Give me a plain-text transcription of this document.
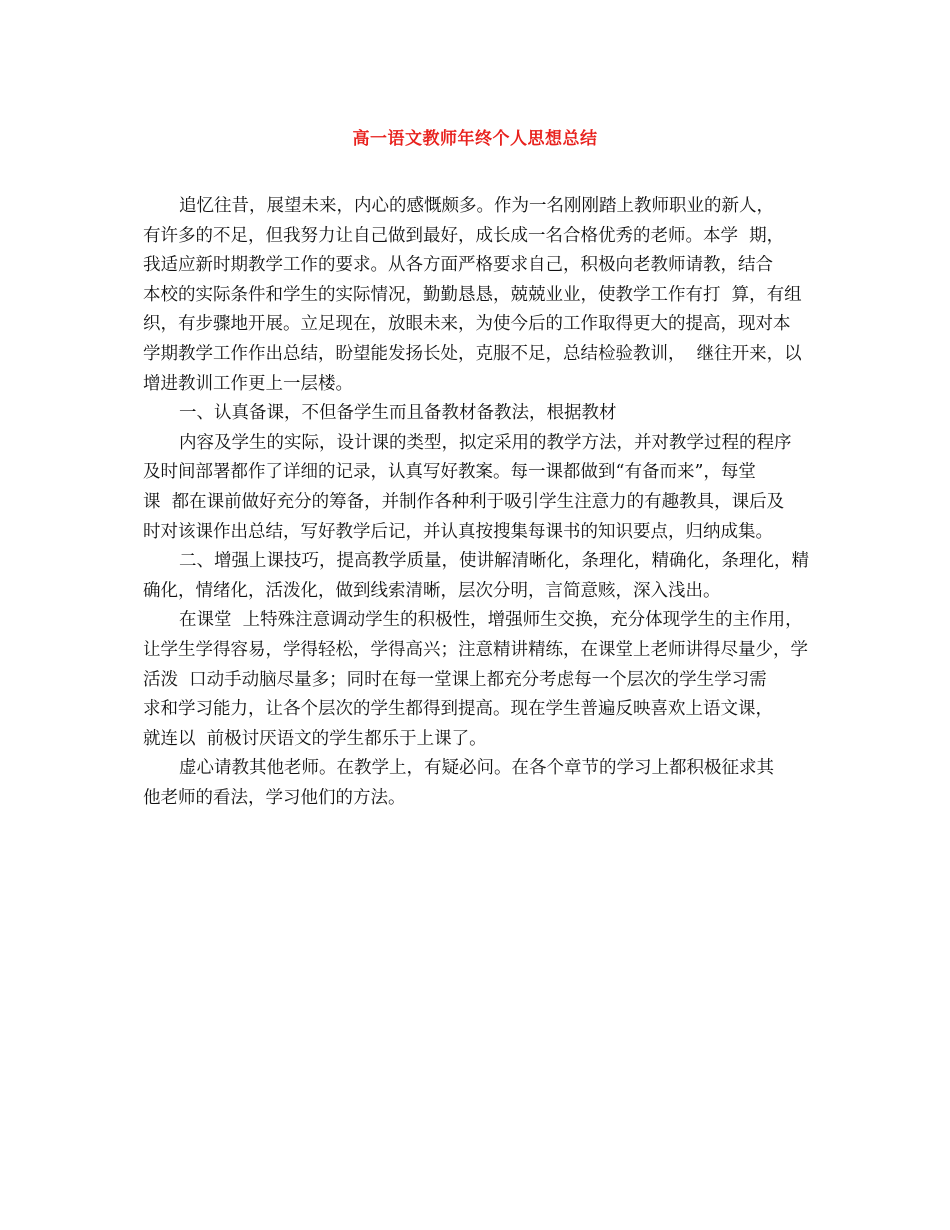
高一语文教师年终个人思想总结
追忆往昔，展望未来，内心的感慨颇多。作为一名刚刚踏上教师职业的新人，
有许多的不足，但我努力让自己做到最好，成长成一名合格优秀的老师。本学  期，
我适应新时期教学工作的要求。从各方面严格要求自己，积极向老教师请教，结合
本校的实际条件和学生的实际情况，勤勤恳恳，兢兢业业，使教学工作有打  算，有组
织，有步骤地开展。立足现在，放眼未来，为使今后的工作取得更大的提高，现对本
学期教学工作作出总结，盼望能发扬长处，克服不足，总结检验教训，  继往开来，以
增进教训工作更上一层楼。
一、认真备课，不但备学生而且备教材备教法，根据教材
内容及学生的实际，设计课的类型，拟定采用的教学方法，并对教学过程的程序
及时间部署都作了详细的记录，认真写好教案。每一课都做到“有备而来”，每堂
课  都在课前做好充分的筹备，并制作各种利于吸引学生注意力的有趣教具，课后及
时对该课作出总结，写好教学后记，并认真按搜集每课书的知识要点，归纳成集。
二、增强上课技巧，提高教学质量，使讲解清晰化，条理化，精确化，条理化，精
确化，情绪化，活泼化，做到线索清晰，层次分明，言简意赅，深入浅出。
在课堂  上特殊注意调动学生的积极性，增强师生交换，充分体现学生的主作用，
让学生学得容易，学得轻松，学得高兴；注意精讲精练，在课堂上老师讲得尽量少，学
活泼  口动手动脑尽量多；同时在每一堂课上都充分考虑每一个层次的学生学习需
求和学习能力，让各个层次的学生都得到提高。现在学生普遍反映喜欢上语文课，
就连以  前极讨厌语文的学生都乐于上课了。
虚心请教其他老师。在教学上，有疑必问。在各个章节的学习上都积极征求其
他老师的看法，学习他们的方法。
